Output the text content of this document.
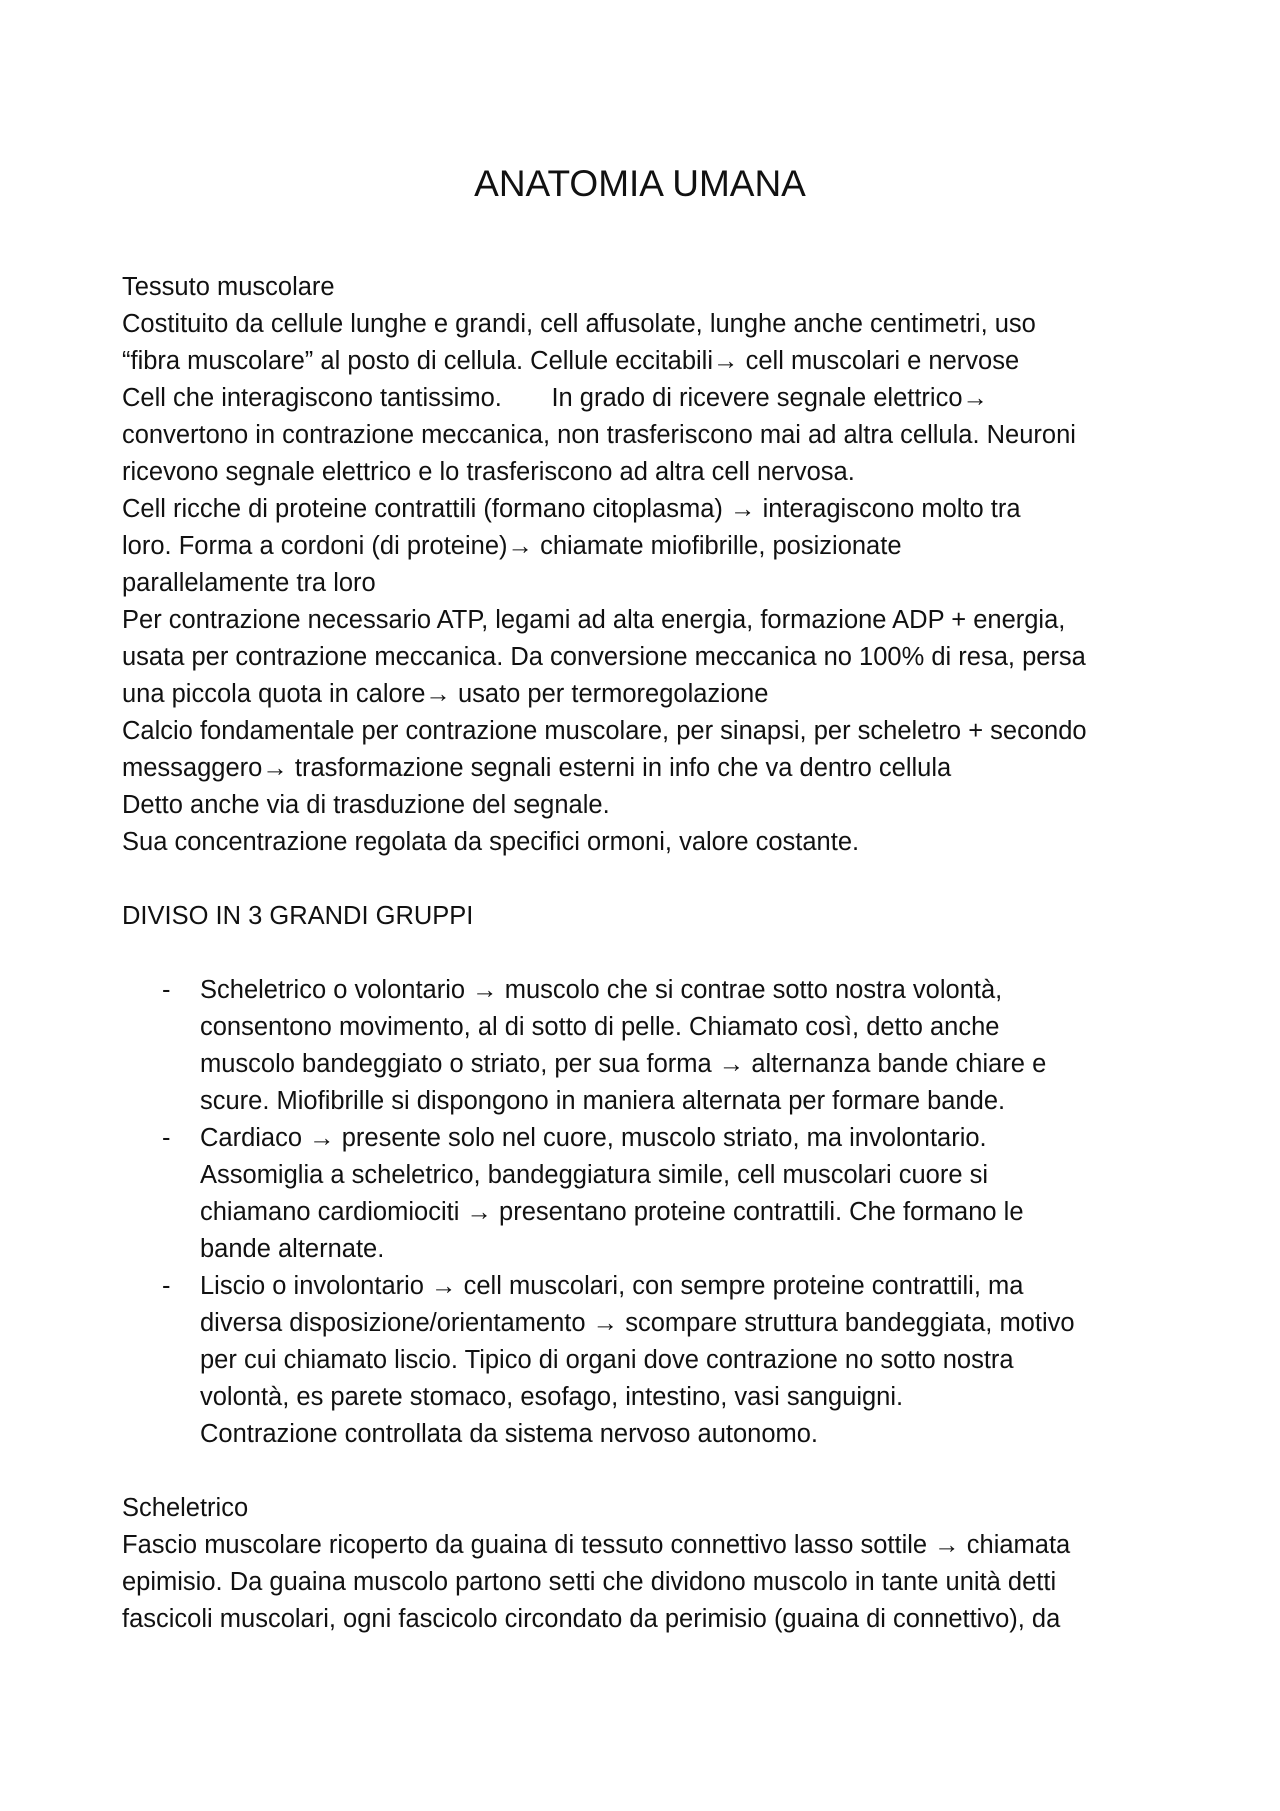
ANATOMIA UMANA
Tessuto muscolare
Costituito da cellule lunghe e grandi, cell affusolate, lunghe anche centimetri, uso
“fibra muscolare” al posto di cellula. Cellule eccitabili→ cell muscolari e nervose
Cell che interagiscono tantissimo.       In grado di ricevere segnale elettrico→
convertono in contrazione meccanica, non trasferiscono mai ad altra cellula. Neuroni
ricevono segnale elettrico e lo trasferiscono ad altra cell nervosa.
Cell ricche di proteine contrattili (formano citoplasma) → interagiscono molto tra
loro. Forma a cordoni (di proteine)→ chiamate miofibrille, posizionate
parallelamente tra loro
Per contrazione necessario ATP, legami ad alta energia, formazione ADP + energia,
usata per contrazione meccanica. Da conversione meccanica no 100% di resa, persa
una piccola quota in calore→ usato per termoregolazione
Calcio fondamentale per contrazione muscolare, per sinapsi, per scheletro + secondo
messaggero→ trasformazione segnali esterni in info che va dentro cellula
Detto anche via di trasduzione del segnale.
Sua concentrazione regolata da specifici ormoni, valore costante.
DIVISO IN 3 GRANDI GRUPPI
- Scheletrico o volontario → muscolo che si contrae sotto nostra volontà,
consentono movimento, al di sotto di pelle. Chiamato così, detto anche
muscolo bandeggiato o striato, per sua forma → alternanza bande chiare e
scure. Miofibrille si dispongono in maniera alternata per formare bande.
- Cardiaco → presente solo nel cuore, muscolo striato, ma involontario.
Assomiglia a scheletrico, bandeggiatura simile, cell muscolari cuore si
chiamano cardiomiociti → presentano proteine contrattili. Che formano le
bande alternate.
- Liscio o involontario → cell muscolari, con sempre proteine contrattili, ma
diversa disposizione/orientamento → scompare struttura bandeggiata, motivo
per cui chiamato liscio. Tipico di organi dove contrazione no sotto nostra
volontà, es parete stomaco, esofago, intestino, vasi sanguigni.
Contrazione controllata da sistema nervoso autonomo.
Scheletrico
Fascio muscolare ricoperto da guaina di tessuto connettivo lasso sottile → chiamata
epimisio. Da guaina muscolo partono setti che dividono muscolo in tante unità detti
fascicoli muscolari, ogni fascicolo circondato da perimisio (guaina di connettivo), da
